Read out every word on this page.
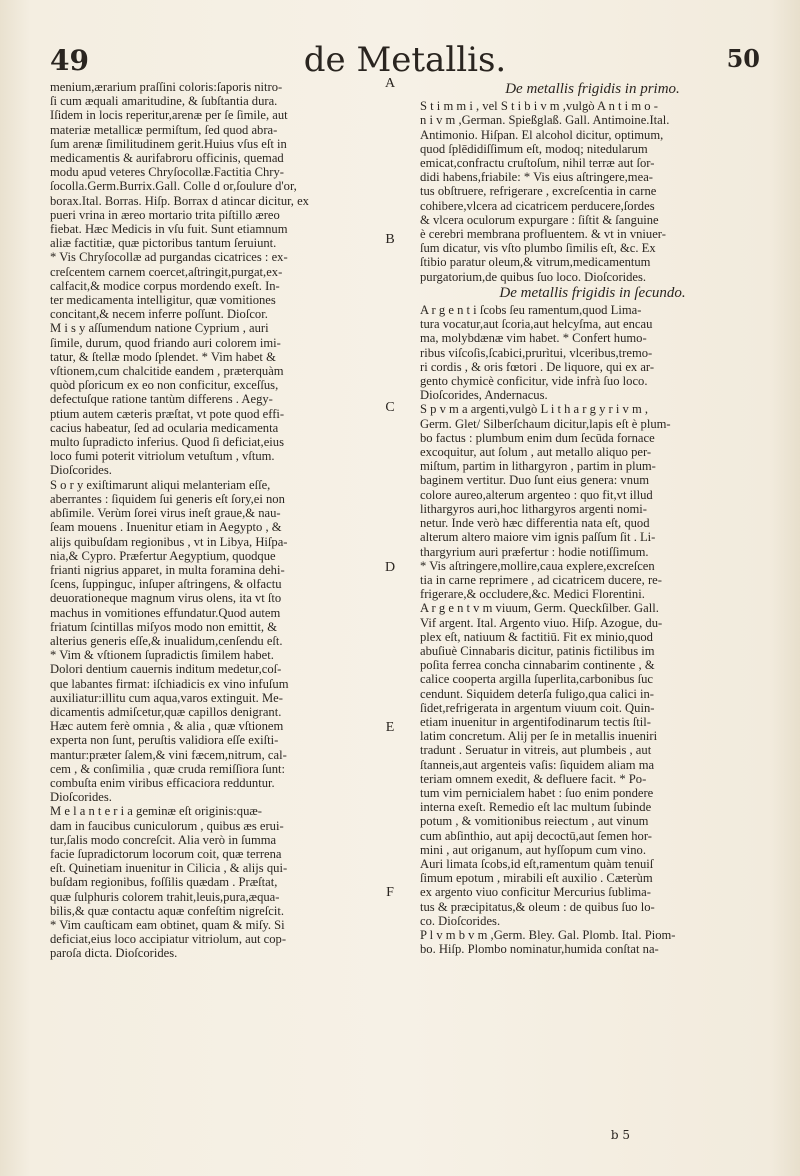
49	de Metallis.	50

menium,ærarium praſſini coloris:ſaporis nitro-

ſi cum æquali amaritudine, & ſubſtantia dura.

Iſidem in locis reperitur,arenæ per ſe ſimile, aut

materiæ metallicæ permiſtum, ſed quod abra-

ſum arenæ ſimilitudinem gerit.Huius vſus eſt in

medicamentis & aurifabroru officinis, quemad

modu apud veteres Chryſocollæ.Factitia Chry-

ſocolla.Germ.Burrix.Gall. Colle d or,ſoulure d'or,

borax.Ital. Borras. Hiſp. Borrax d atincar dicitur, ex

pueri vrina in æreo mortario trita piſtillo æreo

fiebat. Hæc Medicis in vſu fuit. Sunt etiamnum

aliæ factitiæ, quæ pictoribus tantum ſeruiunt.

* Vis Chryſocollæ ad purgandas cicatrices : ex-

creſcentem carnem coercet,aſtringit,purgat,ex-

calfacit,& modice corpus mordendo exeſt. In-

ter medicamenta intelligitur, quæ vomitiones

concitant,& necem inferre poſſunt. Dioſcor.

M i s y aſſumendum natione Cyprium , auri

ſimile, durum, quod friando auri colorem imi-

tatur, & ſtellæ modo ſplendet. * Vim habet &

vſtionem,cum chalcitide eandem , præterquàm

quòd pſoricum ex eo non conficitur, exceſſus,

defectuſque ratione tantùm differens . Aegy-

ptium autem cæteris præſtat, vt pote quod effi-

cacius habeatur, ſed ad ocularia medicamenta

multo ſupradicto inferius. Quod ſi deficiat,eius

loco fumi poterit vitriolum vetuſtum , vſtum.

Dioſcorides.

S o r y exiſtimarunt aliqui melanteriam eſſe,

aberrantes : ſiquidem ſui generis eſt ſory,ei non

abſimile. Verùm ſorei virus ineſt graue,& nau-

ſeam mouens . Inuenitur etiam in Aegypto , &

alijs quibuſdam regionibus , vt in Libya, Hiſpa-

nia,& Cypro. Præfertur Aegyptium, quodque

frianti nigrius apparet, in multa foramina dehi-

ſcens, ſuppinguc, inſuper aſtringens, & olfactu

deuorationeque magnum virus olens, ita vt ſto

machus in vomitiones effundatur.Quod autem

friatum ſcintillas miſyos modo non emittit, &

alterius generis eſſe,& inualidum,cenſendu eſt.

* Vim & vſtionem ſupradictis ſimilem habet.

Dolori dentium cauernis inditum medetur,coſ-

que labantes firmat: iſchiadicis ex vino infuſum

auxiliatur:illitu cum aqua,varos extinguit. Me-

dicamentis admiſcetur,quæ capillos denigrant.

Hæc autem ferè omnia , & alia , quæ vſtionem

experta non ſunt, peruſtis validiora eſſe exiſti-

mantur:præter ſalem,& vini fæcem,nitrum, cal-

cem , & conſimilia , quæ cruda remiſſiora ſunt:

combuſta enim viribus efficaciora redduntur.

Dioſcorides.

M e l a n t e r i a geminæ eſt originis:quæ-

dam in faucibus cuniculorum , quibus æs erui-

tur,ſalis modo concreſcit. Alia verò in ſumma

facie ſupradictorum locorum coit, quæ terrena

eſt. Quinetiam inuenitur in Cilicia , & alijs qui-

buſdam regionibus, foſſilis quædam . Præſtat,

quæ ſulphuris colorem trahit,leuis,pura,æqua-

bilis,& quæ contactu aquæ confeſtim nigreſcit.

* Vim cauſticam eam obtinet, quam & miſy. Si

deficiat,eius loco accipiatur vitriolum, aut cop-

paroſa dicta. Dioſcorides.

De metallis frigidis in primo.

S t i m m i , vel S t i b i v m ,vulgò A n t i m o -

n i v m ,German. Spießglaß. Gall. Antimoine.Ital.

Antimonio. Hiſpan. El alcohol dicitur, optimum,

quod ſplēdidiſſimum eſt, modoq; nitedularum

emicat,confractu cruſtoſum, nihil terræ aut ſor-

didi habens,friabile: * Vis eius aſtringere,mea-

tus obſtruere, refrigerare , excreſcentia in carne

cohibere,vlcera ad cicatricem perducere,ſordes

& vlcera oculorum expurgare : ſiſtit & ſanguine

è cerebri membrana profluentem. & vt in vniuer-

ſum dicatur, vis vſto plumbo ſimilis eſt, &c. Ex

ſtibio paratur oleum,& vitrum,medicamentum

purgatorium,de quibus ſuo loco. Dioſcorides.

De metallis frigidis in ſecundo.

A r g e n t i ſcobs ſeu ramentum,quod Lima-

tura vocatur,aut ſcoria,aut helcyſma, aut encau

ma, molybdænæ vim habet. * Confert humo-

ribus viſcoſis,ſcabici,prurìtui, vlceribus,tremo-

ri cordis , & oris fœtori . De liquore, qui ex ar-

gento chymicè conficitur, vide infrà ſuo loco.

Dioſcorides, Andernacus.

S p v m a argenti,vulgò L i t h a r g y r i v m ,

Germ. Glet/ Silberſchaum dicitur,lapis eſt è plum-

bo factus : plumbum enim dum ſecūda fornace

excoquitur, aut ſolum , aut metallo aliquo per-

miſtum, partim in lithargyron , partim in plum-

baginem vertitur. Duo ſunt eius genera: vnum

colore aureo,alterum argenteo : quo fit,vt illud

lithargyros auri,hoc lithargyros argenti nomi-

netur. Inde verò hæc differentia nata eſt, quod

alterum altero maiore vim ignis paſſum ſit . Li-

thargyrium auri præfertur : hodie notiſſimum.

* Vis aſtringere,mollire,caua explere,excreſcen

tia in carne reprimere , ad cicatricem ducere, re-

frigerare,& occludere,&c. Medici Florentini.

A r g e n t v m viuum, Germ. Queckſilber. Gall.

Vif argent. Ital. Argento viuo. Hiſp. Azogue, du-

plex eſt, natiuum & factitiū. Fit ex minio,quod

abuſiuè Cinnabaris dicitur, patinis fictilibus im

poſita ferrea concha cinnabarim continente , &

calice cooperta argilla ſuperlita,carbonibus ſuc

cendunt. Siquidem deterſa fuligo,qua calici in-

ſidet,refrigerata in argentum viuum coit. Quin-

etiam inuenitur in argentifodinarum tectis ſtil-

latim concretum. Alij per ſe in metallis inueniri

tradunt . Seruatur in vitreis, aut plumbeis , aut

ſtanneis,aut argenteis vaſis: ſiquidem aliam ma

teriam omnem exedit, & defluere facit. * Po-

tum vim pernicialem habet : ſuo enim pondere

interna exeſt. Remedio eſt lac multum ſubinde

potum , & vomitionibus reiectum , aut vinum

cum abſinthio, aut apij decoctū,aut ſemen hor-

mini , aut origanum, aut hyſſopum cum vino.

Auri limata ſcobs,id eſt,ramentum quàm tenuiſ

ſimum epotum , mirabili eſt auxilio . Cæterùm

ex argento viuo conficitur Mercurius ſublima-

tus & præcipitatus,& oleum : de quibus ſuo lo-

co. Dioſcorides.

P l v m b v m ,Germ. Bley. Gal. Plomb. Ital. Piom-

bo. Hiſp. Plombo nominatur,humida conſtat na-

A
B
C
D
E
F
b 5
